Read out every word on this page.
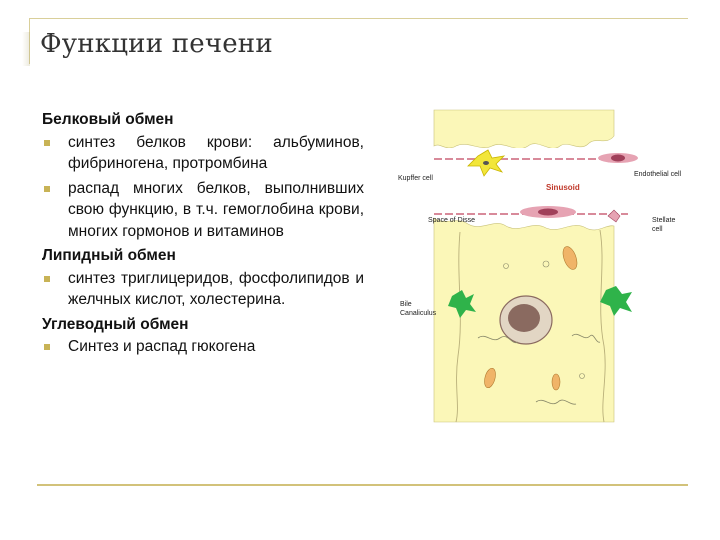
Функции печени
Белковый обмен
синтез белков крови: альбуминов, фибриногена, протромбина
распад многих белков, выполнивших свою функцию, в т.ч. гемоглобина крови, многих гормонов и витаминов
Липидный обмен
синтез триглицеридов, фосфолипидов и желчных кислот, холестерина.
Углеводный обмен
Синтез и распад гюкогена
Sinusoid
Kupffer cell
Endothelial cell
Space of Disse	Stellate
cell
Bile
Canaliculus
